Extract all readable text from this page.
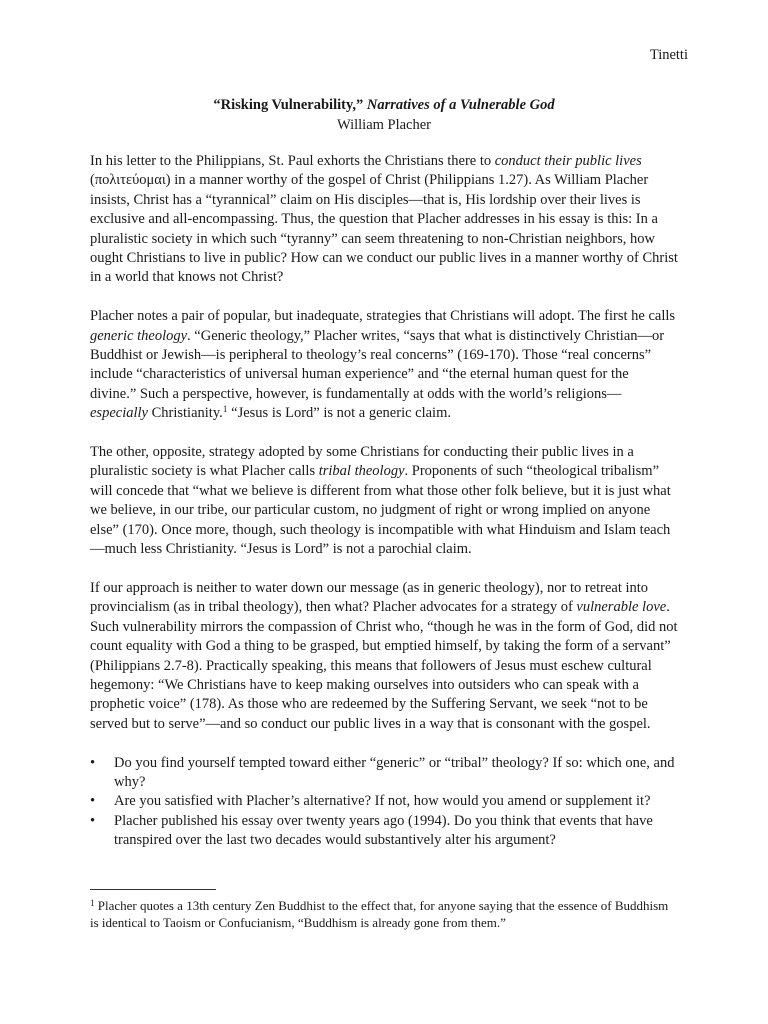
Tinetti
“Risking Vulnerability,” Narratives of a Vulnerable God
William Placher

In his letter to the Philippians, St. Paul exhorts the Christians there to conduct their public lives (πολιτεύομαι) in a manner worthy of the gospel of Christ (Philippians 1.27). As William Placher insists, Christ has a “tyrannical” claim on His disciples—that is, His lordship over their lives is exclusive and all-encompassing. Thus, the question that Placher addresses in his essay is this: In a pluralistic society in which such “tyranny” can seem threatening to non-Christian neighbors, how ought Christians to live in public? How can we conduct our public lives in a manner worthy of Christ in a world that knows not Christ?

Placher notes a pair of popular, but inadequate, strategies that Christians will adopt. The first he calls generic theology. “Generic theology,” Placher writes, “says that what is distinctively Christian—or Buddhist or Jewish—is peripheral to theology’s real concerns” (169-170). Those “real concerns” include “characteristics of universal human experience” and “the eternal human quest for the divine.” Such a perspective, however, is fundamentally at odds with the world’s religions—especially Christianity.$^1$ “Jesus is Lord” is not a generic claim.

The other, opposite, strategy adopted by some Christians for conducting their public lives in a pluralistic society is what Placher calls tribal theology. Proponents of such “theological tribalism” will concede that “what we believe is different from what those other folk believe, but it is just what we believe, in our tribe, our particular custom, no judgment of right or wrong implied on anyone else” (170). Once more, though, such theology is incompatible with what Hinduism and Islam teach—much less Christianity. “Jesus is Lord” is not a parochial claim.

If our approach is neither to water down our message (as in generic theology), nor to retreat into provincialism (as in tribal theology), then what? Placher advocates for a strategy of vulnerable love. Such vulnerability mirrors the compassion of Christ who, “though he was in the form of God, did not count equality with God a thing to be grasped, but emptied himself, by taking the form of a servant” (Philippians 2.7-8). Practically speaking, this means that followers of Jesus must eschew cultural hegemony: “We Christians have to keep making ourselves into outsiders who can speak with a prophetic voice” (178). As those who are redeemed by the Suffering Servant, we seek “not to be served but to serve”—and so conduct our public lives in a way that is consonant with the gospel.

• Do you find yourself tempted toward either “generic” or “tribal” theology? If so: which one, and why?
• Are you satisfied with Placher’s alternative? If not, how would you amend or supplement it?
• Placher published his essay over twenty years ago (1994). Do you think that events that have transpired over the last two decades would substantively alter his argument?
$^1$ Placher quotes a 13th century Zen Buddhist to the effect that, for anyone saying that the essence of Buddhism is identical to Taoism or Confucianism, “Buddhism is already gone from them.”
